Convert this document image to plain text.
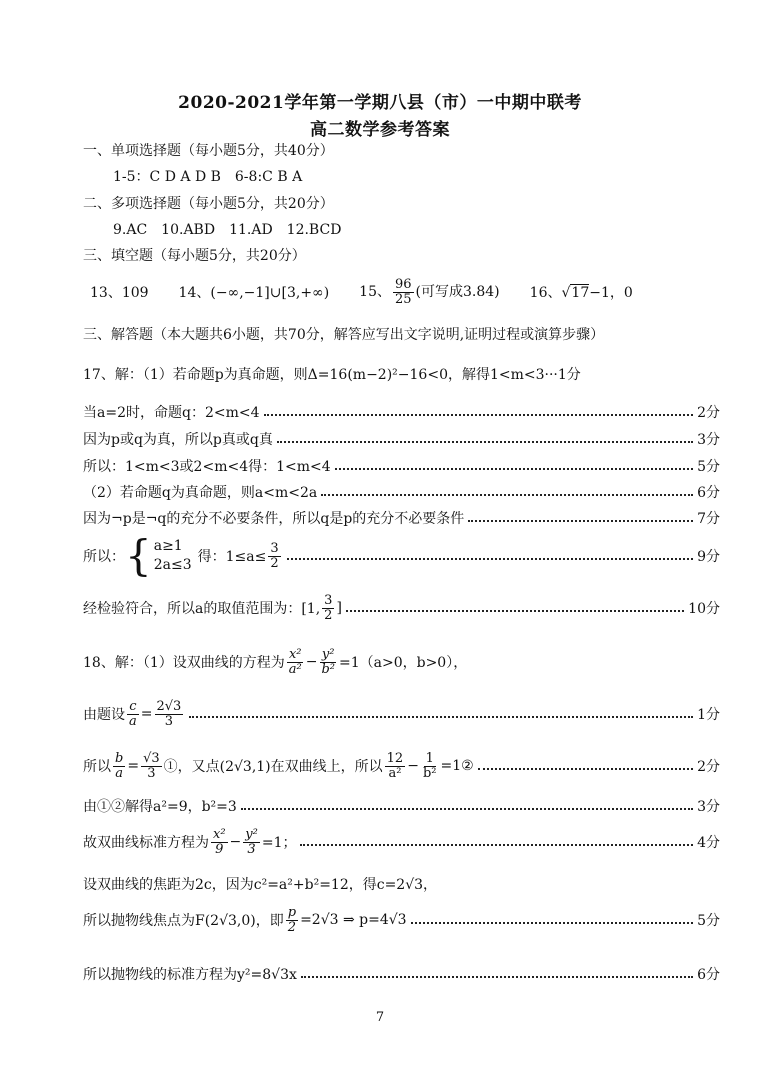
2020-2021学年第一学期八县（市）一中期中联考
高二数学参考答案
一、单项选择题（每小题5分，共40分）
1-5：C D A D B　6-8:C B A
二、多项选择题（每小题5分，共20分）
9.AC　10.ABD　11.AD　12.BCD
三、填空题（每小题5分，共20分）
13、109 14、(−∞,−1]∪[3,+∞) 15、 $\frac{96}{25}$ (可写成3.84) 16、√17−1，0
三、解答题（本大题共6小题，共70分，解答应写出文字说明,证明过程或演算步骤）
17、解：（1）若命题p为真命题，则Δ=16(m−2)²−16<0，解得1<m<3 ···1分
当a=2时，命题q：2<m<4	2分
因为p或q为真，所以p真或q真	3分
所以：1<m<3或2<m<4得：1<m<4	5分
（2）若命题q为真命题，则a<m<2a	6分
因为¬p是¬q的充分不必要条件，所以q是p的充分不必要条件	7分
所以： { a≥1
2a≤3 得：$1\le a\le \frac{3}{2}$	9分
经检验符合，所以a的取值范围为：[1, $\frac{3}{2}$ ]	10分
18、解：（1）设双曲线的方程为 $\frac{\text{x²}}{\text{a²}} - \frac{\text{y²}}{\text{b²}} =1(a>0$，b>0），
由题设 $\frac{c}{a} = \frac{2√3}{3}$	1分
所以 $\frac{b}{a} = \frac{√3}{3}$ ①，又点(2√3,1)在双曲线上，所以 $\frac{12}{\text{a²}} - \frac{1}{\text{b²}}$ =1②	2分
由①②解得a²=9，b²=3	3分
故双曲线标准方程为 $\frac{\text{x²}}{9} - \frac{\text{y²}}{3} =1$；	4分
设双曲线的焦距为2c，因为c²=a²+b²=12，得c=2√3，
所以抛物线焦点为F(2√3,0)，即 $\frac{p}{2} =2√3$ ⇒ p=4√3	5分
所以抛物线的标准方程为y²=8√3x	6分
7
